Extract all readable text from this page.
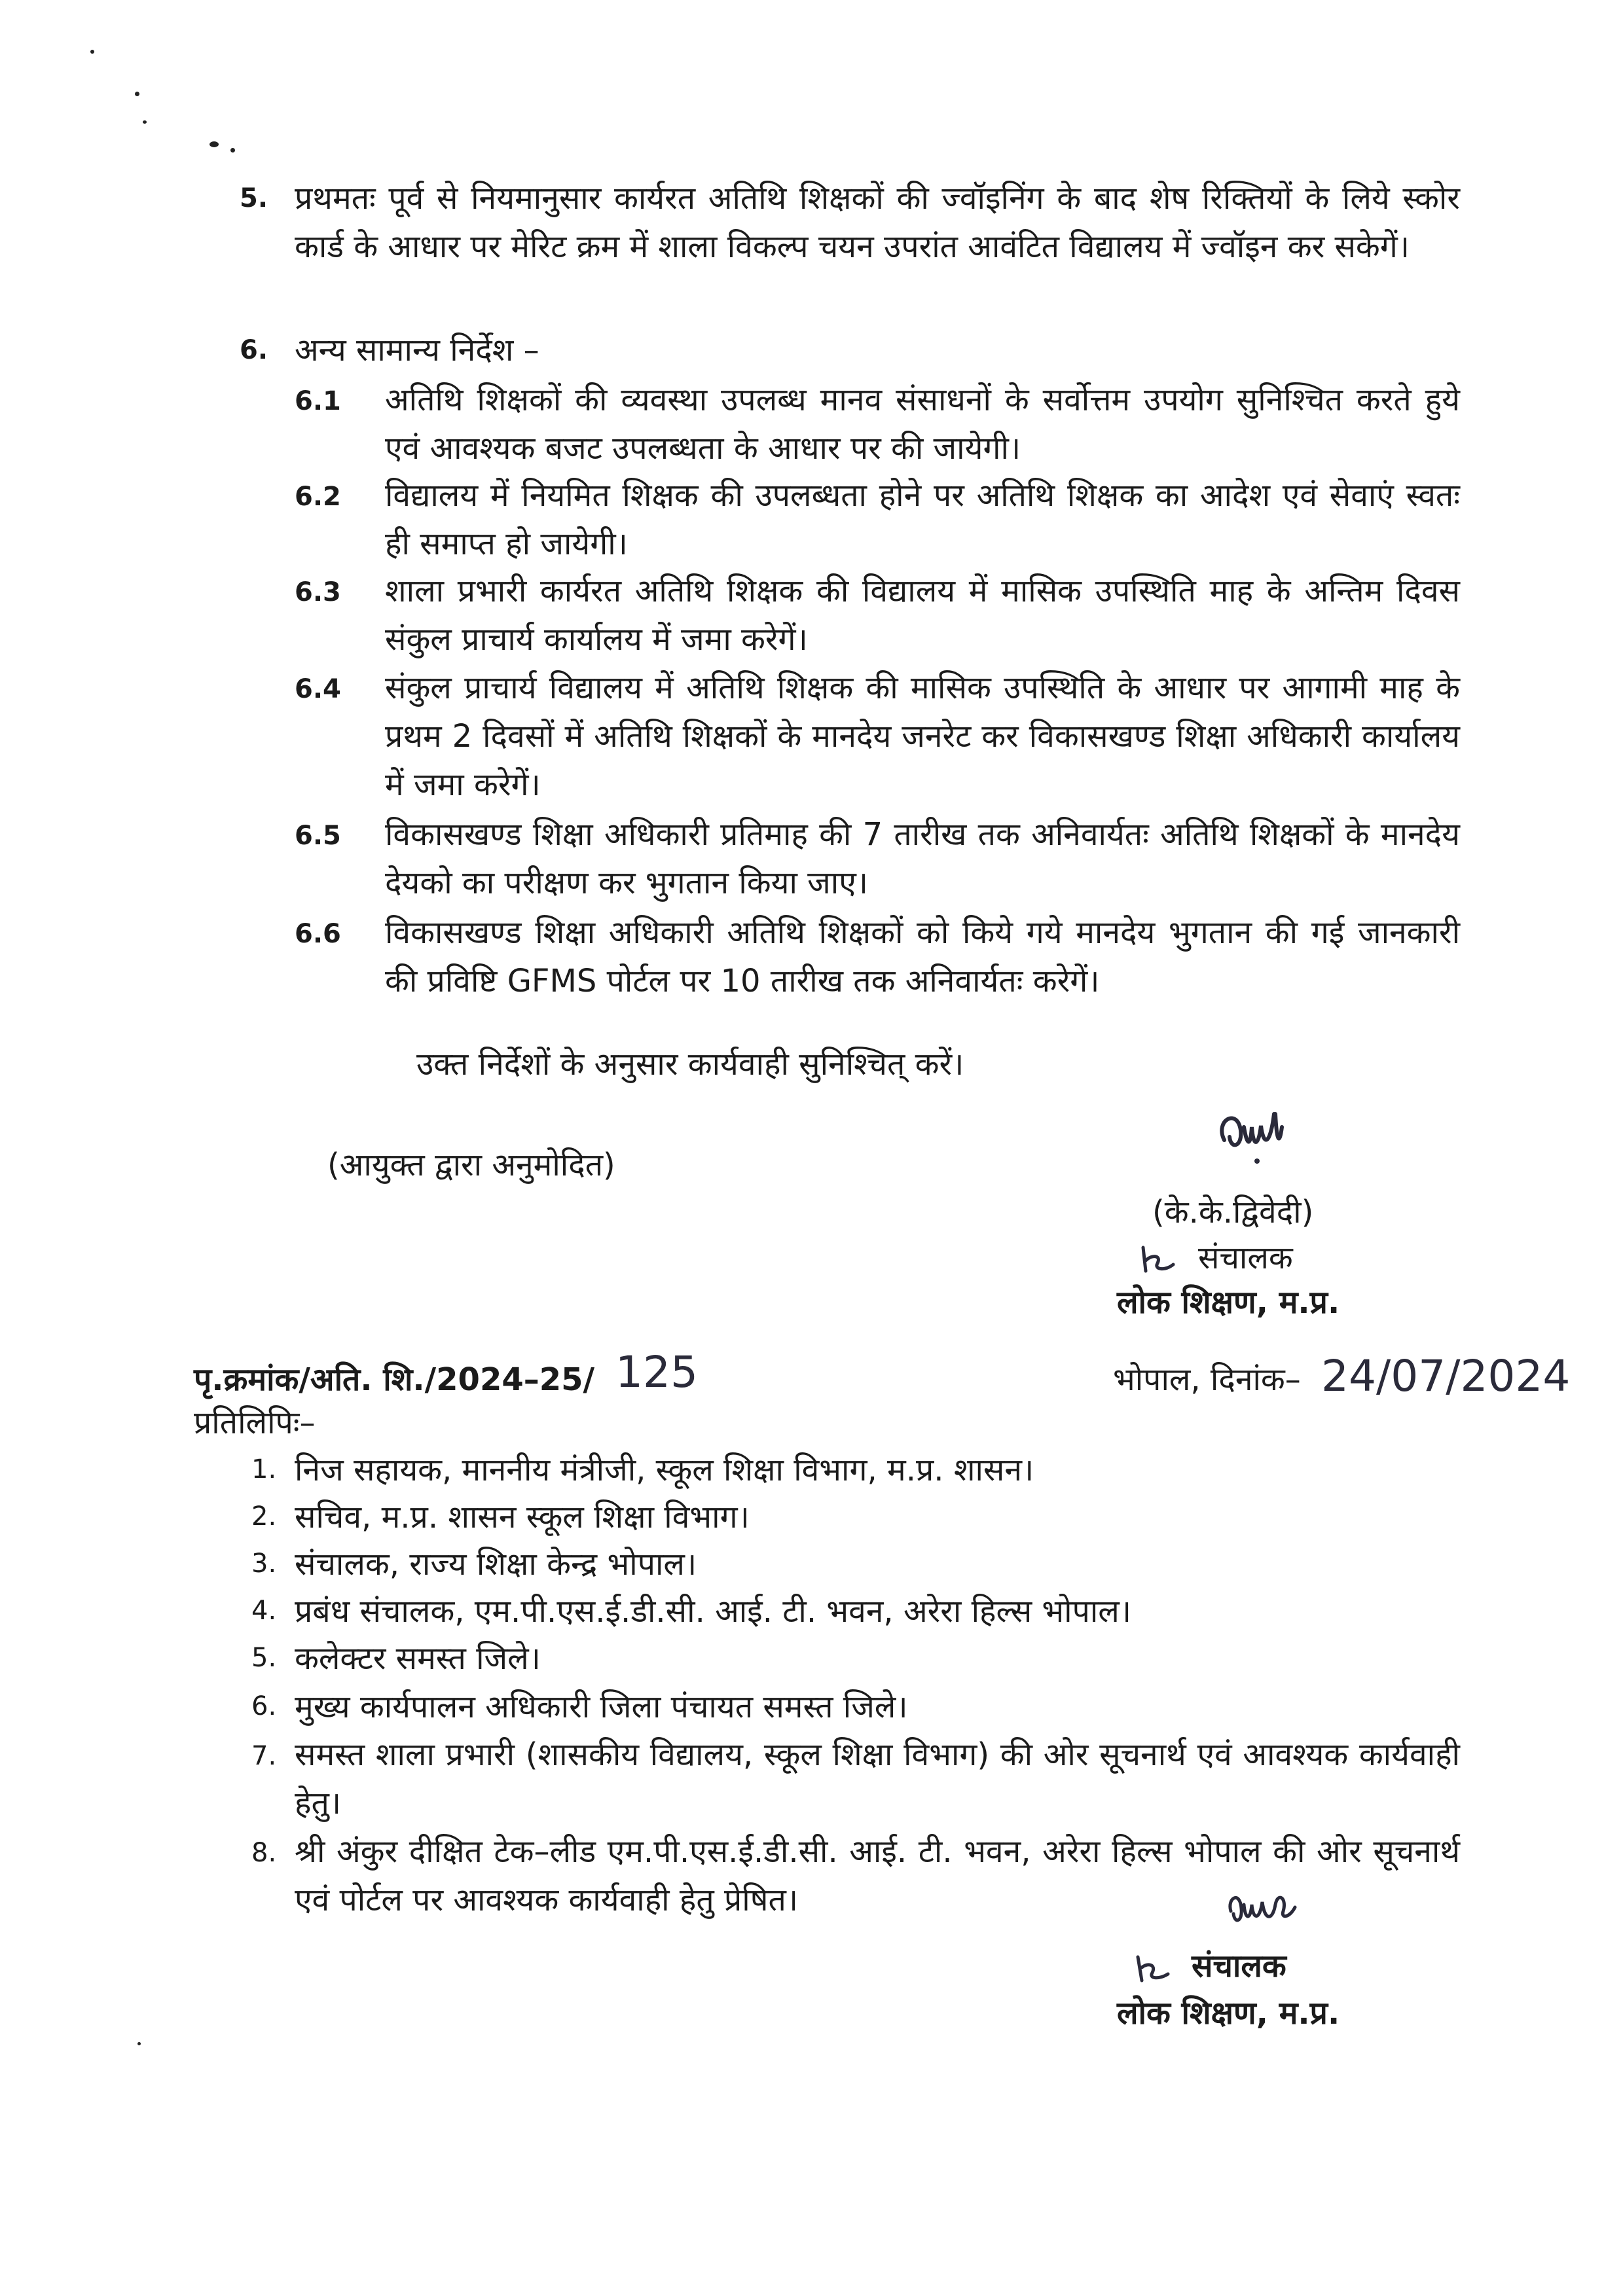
5. प्रथमतः पूर्व से नियमानुसार कार्यरत अतिथि शिक्षकों की ज्वॉइनिंग के बाद शेष रिक्तियों के लिये स्कोर कार्ड के आधार पर मेरिट क्रम में शाला विकल्प चयन उपरांत आवंटित विद्यालय में ज्वॉइन कर सकेगें।
6. अन्य सामान्य निर्देश –
6.1 अतिथि शिक्षकों की व्यवस्था उपलब्ध मानव संसाधनों के सर्वोत्तम उपयोग सुनिश्चित करते हुये एवं आवश्यक बजट उपलब्धता के आधार पर की जायेगी।
6.2 विद्यालय में नियमित शिक्षक की उपलब्धता होने पर अतिथि शिक्षक का आदेश एवं सेवाएं स्वतः ही समाप्त हो जायेगी।
6.3 शाला प्रभारी कार्यरत अतिथि शिक्षक की विद्यालय में मासिक उपस्थिति माह के अन्तिम दिवस संकुल प्राचार्य कार्यालय में जमा करेगें।
6.4 संकुल प्राचार्य विद्यालय में अतिथि शिक्षक की मासिक उपस्थिति के आधार पर आगामी माह के प्रथम 2 दिवसों में अतिथि शिक्षकों के मानदेय जनरेट कर विकासखण्ड शिक्षा अधिकारी कार्यालय में जमा करेगें।
6.5 विकासखण्ड शिक्षा अधिकारी प्रतिमाह की 7 तारीख तक अनिवार्यतः अतिथि शिक्षकों के मानदेय देयको का परीक्षण कर भुगतान किया जाए।
6.6 विकासखण्ड शिक्षा अधिकारी अतिथि शिक्षकों को किये गये मानदेय भुगतान की गई जानकारी की प्रविष्टि GFMS पोर्टल पर 10 तारीख तक अनिवार्यतः करेगें।
उक्त निर्देशों के अनुसार कार्यवाही सुनिश्चित् करें।
(आयुक्त द्वारा अनुमोदित)
(के.के.द्विवेदी)
संचालक
लोक शिक्षण, म.प्र.
पृ.क्रमांक/अति. शि./2024–25/ 125	भोपाल, दिनांक– 24/07/2024
प्रतिलिपिः–
1. निज सहायक, माननीय मंत्रीजी, स्कूल शिक्षा विभाग, म.प्र. शासन।
2. सचिव, म.प्र. शासन स्कूल शिक्षा विभाग।
3. संचालक, राज्य शिक्षा केन्द्र भोपाल।
4. प्रबंध संचालक, एम.पी.एस.ई.डी.सी. आई. टी. भवन, अरेरा हिल्स भोपाल।
5. कलेक्टर समस्त जिले।
6. मुख्य कार्यपालन अधिकारी जिला पंचायत समस्त जिले।
7. समस्त शाला प्रभारी (शासकीय विद्यालय, स्कूल शिक्षा विभाग) की ओर सूचनार्थ एवं आवश्यक कार्यवाही हेतु।
8. श्री अंकुर दीक्षित टेक–लीड एम.पी.एस.ई.डी.सी. आई. टी. भवन, अरेरा हिल्स भोपाल की ओर सूचनार्थ एवं पोर्टल पर आवश्यक कार्यवाही हेतु प्रेषित।
संचालक
लोक शिक्षण, म.प्र.
